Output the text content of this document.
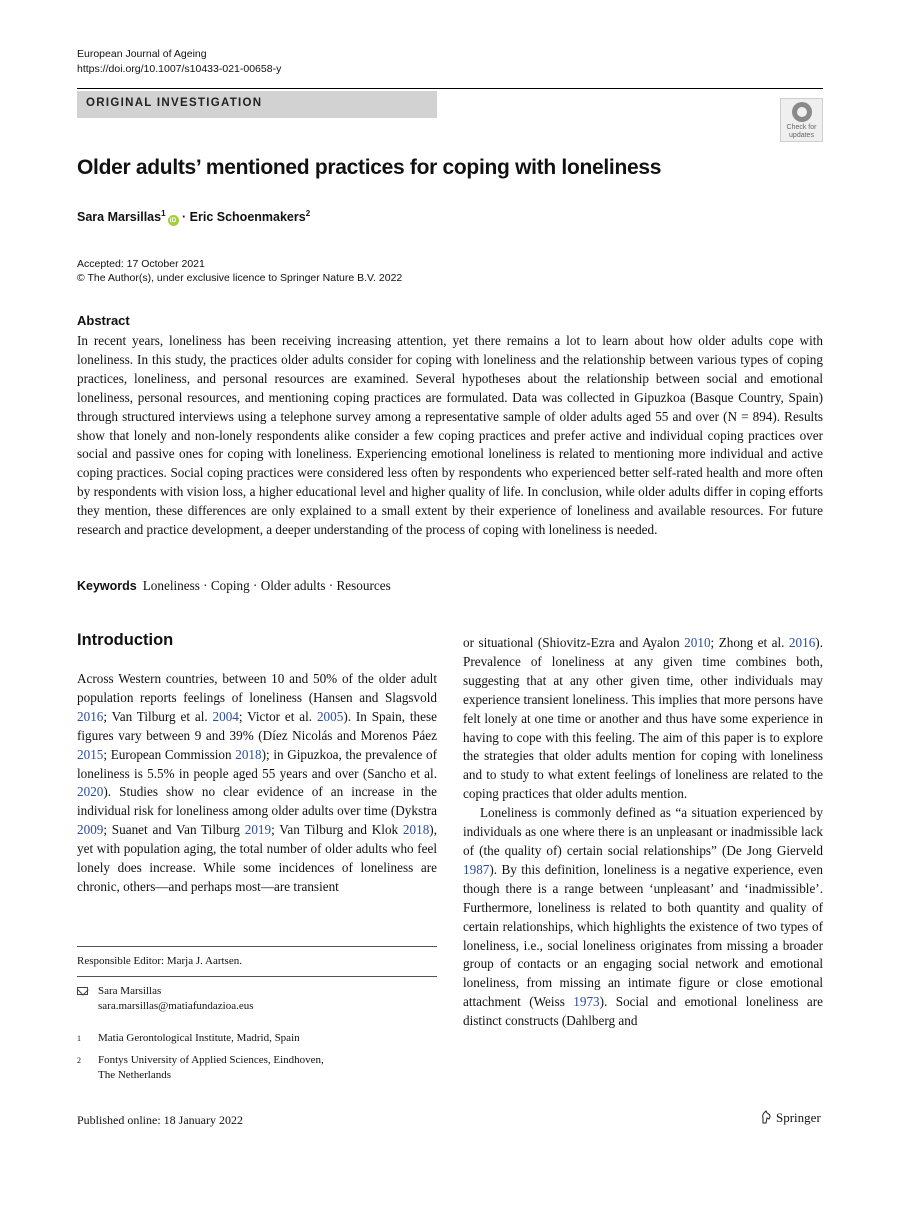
European Journal of Ageing
https://doi.org/10.1007/s10433-021-00658-y
ORIGINAL INVESTIGATION
Check for
updates
Older adults’ mentioned practices for coping with loneliness
Sara Marsillas$^1$iD · Eric Schoenmakers$^2$
Accepted: 17 October 2021
© The Author(s), under exclusive licence to Springer Nature B.V. 2022
Abstract
In recent years, loneliness has been receiving increasing attention, yet there remains a lot to learn about how older adults cope with loneliness. In this study, the practices older adults consider for coping with loneliness and the relationship between various types of coping practices, loneliness, and personal resources are examined. Several hypotheses about the relationship between social and emotional loneliness, personal resources, and mentioning coping practices are formulated. Data was collected in Gipuzkoa (Basque Country, Spain) through structured interviews using a telephone survey among a representative sample of older adults aged 55 and over (N = 894). Results show that lonely and non-lonely respondents alike consider a few coping practices and prefer active and individual coping practices over social and passive ones for coping with loneliness. Experiencing emotional loneliness is related to mentioning more individual and active coping practices. Social coping practices were considered less often by respondents who experienced better self-rated health and more often by respondents with vision loss, a higher educational level and higher quality of life. In conclusion, while older adults differ in coping efforts they mention, these differences are only explained to a small extent by their experience of loneliness and available resources. For future research and practice development, a deeper understanding of the process of coping with loneliness is needed.
Keywords Loneliness · Coping · Older adults · Resources
Introduction
Across Western countries, between 10 and 50% of the older adult population reports feelings of loneliness (Hansen and Slagsvold 2016; Van Tilburg et al. 2004; Victor et al. 2005). In Spain, these figures vary between 9 and 39% (Díez Nicolás and Morenos Páez 2015; European Commission 2018); in Gipuzkoa, the prevalence of loneliness is 5.5% in people aged 55 years and over (Sancho et al. 2020). Studies show no clear evidence of an increase in the individual risk for loneliness among older adults over time (Dykstra 2009; Suanet and Van Tilburg 2019; Van Tilburg and Klok 2018), yet with population aging, the total number of older adults who feel lonely does increase. While some incidences of loneliness are chronic, others—and perhaps most—are transient

or situational (Shiovitz-Ezra and Ayalon 2010; Zhong et al. 2016). Prevalence of loneliness at any given time combines both, suggesting that at any other given time, other individuals may experience transient loneliness. This implies that more persons have felt lonely at one time or another and thus have some experience in having to cope with this feeling. The aim of this paper is to explore the strategies that older adults mention for coping with loneliness and to study to what extent feelings of loneliness are related to the coping practices that older adults mention.

Loneliness is commonly defined as “a situation experienced by individuals as one where there is an unpleasant or inadmissible lack of (the quality of) certain social relationships” (De Jong Gierveld 1987). By this definition, loneliness is a negative experience, even though there is a range between ‘unpleasant’ and ‘inadmissible’. Furthermore, loneliness is related to both quantity and quality of certain relationships, which highlights the existence of two types of loneliness, i.e., social loneliness originates from missing a broader group of contacts or an engaging social network and emotional loneliness, from missing an intimate figure or close emotional attachment (Weiss 1973). Social and emotional loneliness are distinct constructs (Dahlberg and

Responsible Editor: Marja J. Aartsen.
Sara Marsillas
sara.marsillas@matiafundazioa.eus
1 Matia Gerontological Institute, Madrid, Spain
2 Fontys University of Applied Sciences, Eindhoven,
The Netherlands
Published online: 18 January 2022	Springer
